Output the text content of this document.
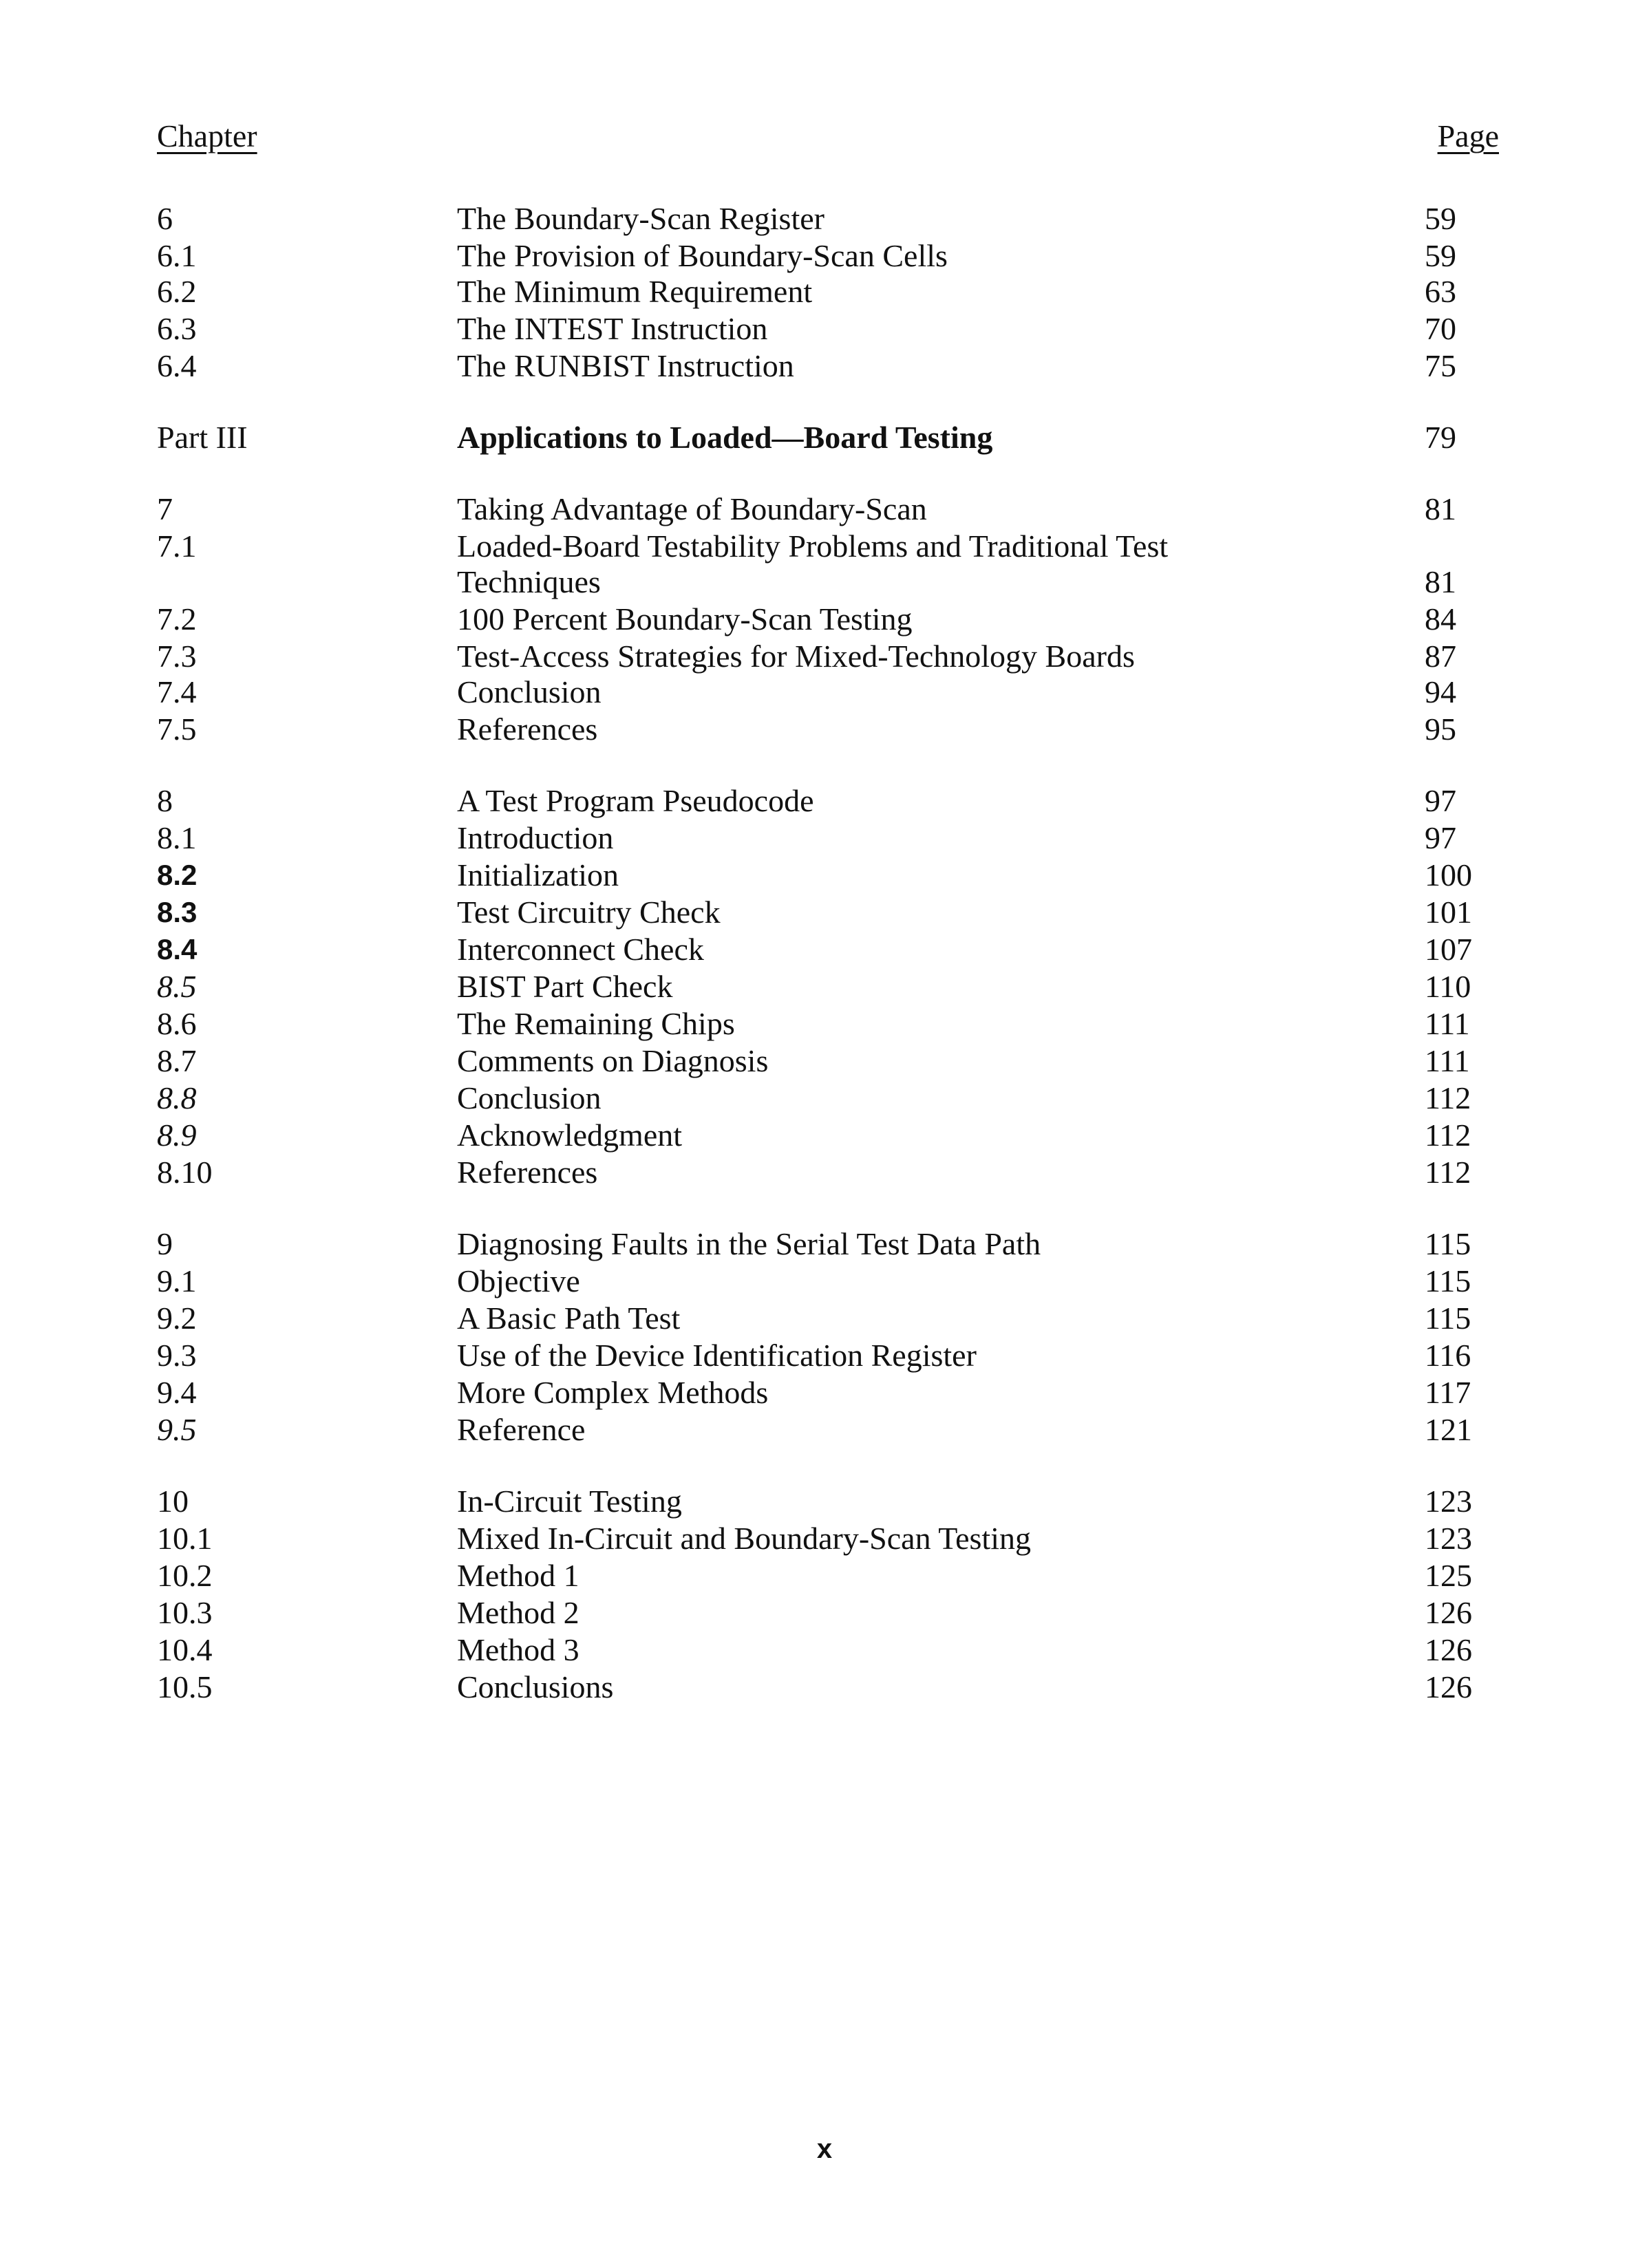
Chapter	Page
6	The Boundary-Scan Register	59
6.1	The Provision of Boundary-Scan Cells	59
6.2	The Minimum Requirement	63
6.3	The INTEST Instruction	70
6.4	The RUNBIST Instruction	75
Part III	Applications to Loaded—Board Testing	79
7	Taking Advantage of Boundary-Scan	81
7.1	Loaded-Board Testability Problems and Traditional Test
Techniques	81
7.2	100 Percent Boundary-Scan Testing	84
7.3	Test-Access Strategies for Mixed-Technology Boards	87
7.4	Conclusion	94
7.5	References	95
8	A Test Program Pseudocode	97
8.1	Introduction	97
8.2	Initialization	100
8.3	Test Circuitry Check	101
8.4	Interconnect Check	107
8.5	BIST Part Check	110
8.6	The Remaining Chips	111
8.7	Comments on Diagnosis	111
8.8	Conclusion	112
8.9	Acknowledgment	112
8.10	References	112
9	Diagnosing Faults in the Serial Test Data Path	115
9.1	Objective	115
9.2	A Basic Path Test	115
9.3	Use of the Device Identification Register	116
9.4	More Complex Methods	117
9.5	Reference	121
10	In-Circuit Testing	123
10.1	Mixed In-Circuit and Boundary-Scan Testing	123
10.2	Method 1	125
10.3	Method 2	126
10.4	Method 3	126
10.5	Conclusions	126
x
